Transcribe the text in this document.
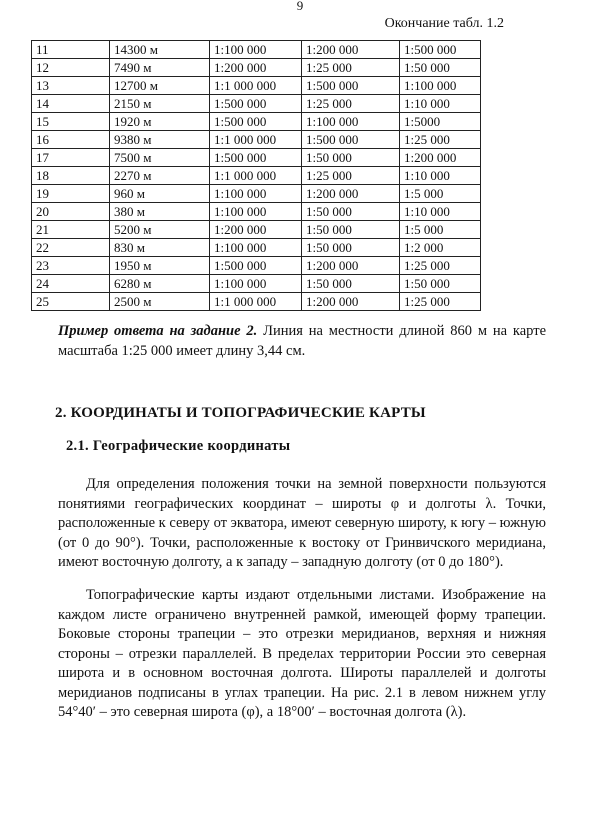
9
Окончание табл. 1.2
11	14300 м	1:100 000	1:200 000	1:500 000
12	7490 м	1:200 000	1:25 000	1:50 000
13	12700 м	1:1 000 000	1:500 000	1:100 000
14	2150 м	1:500 000	1:25 000	1:10 000
15	1920 м	1:500 000	1:100 000	1:5000
16	9380 м	1:1 000 000	1:500 000	1:25 000
17	7500 м	1:500 000	1:50 000	1:200 000
18	2270 м	1:1 000 000	1:25 000	1:10 000
19	960 м	1:100 000	1:200 000	1:5 000
20	380 м	1:100 000	1:50 000	1:10 000
21	5200 м	1:200 000	1:50 000	1:5 000
22	830 м	1:100 000	1:50 000	1:2 000
23	1950 м	1:500 000	1:200 000	1:25 000
24	6280 м	1:100 000	1:50 000	1:50 000
25	2500 м	1:1 000 000	1:200 000	1:25 000
Пример ответа на задание 2. Линия на местности длиной 860 м на карте масштаба 1:25 000 имеет длину 3,44 см.
2. КООРДИНАТЫ И ТОПОГРАФИЧЕСКИЕ КАРТЫ
2.1. Географические координаты
Для определения положения точки на земной поверхности пользуются понятиями географических координат – широты φ и долготы λ. Точки, расположенные к северу от экватора, имеют северную широту, к югу – южную (от 0 до 90°). Точки, расположенные к востоку от Гринвичского меридиана, имеют восточную долготу, а к западу – западную долготу (от 0 до 180°).
Топографические карты издают отдельными листами. Изображение на каждом листе ограничено внутренней рамкой, имеющей форму трапеции. Боковые стороны трапеции – это отрезки меридианов, верхняя и нижняя стороны – отрезки параллелей. В пределах территории России это северная широта и в основном восточная долгота. Широты параллелей и долготы меридианов подписаны в углах трапеции. На рис. 2.1 в левом нижнем углу 54°40′ – это северная широта (φ), а 18°00′ – восточная долгота (λ).
